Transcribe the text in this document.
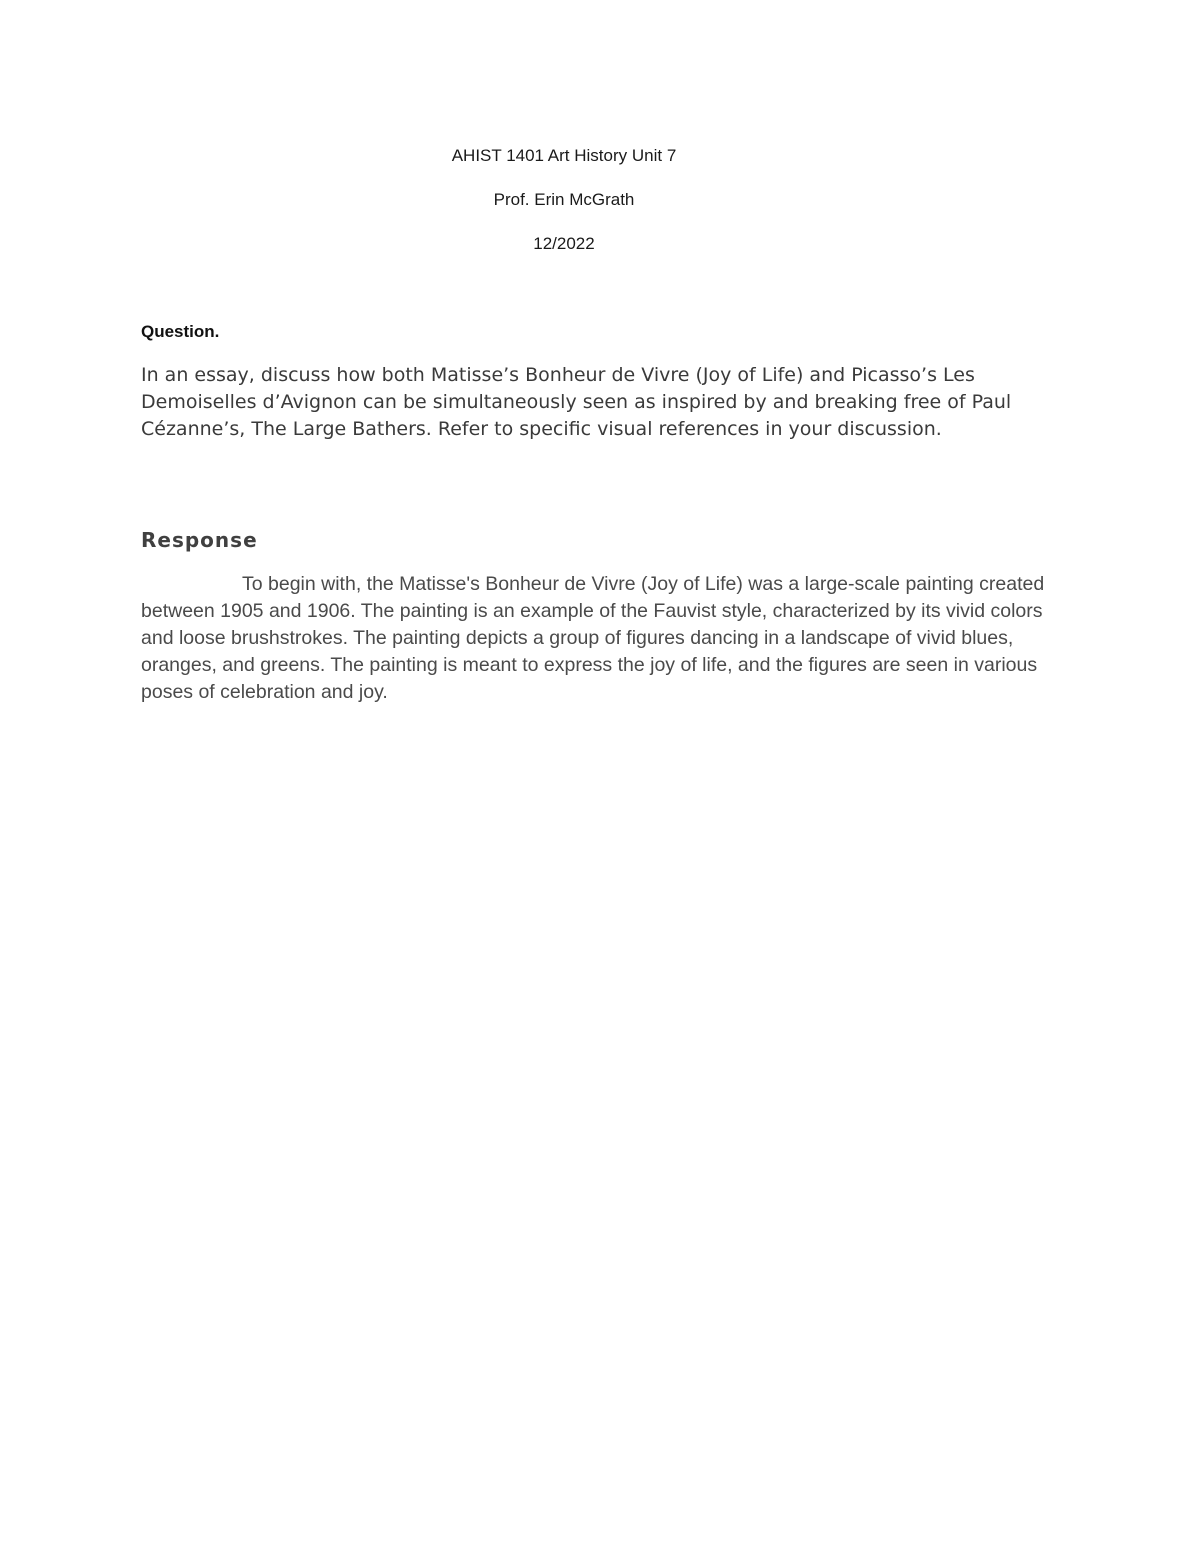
AHIST 1401 Art History Unit 7

Prof. Erin McGrath

12/2022

Question.

In an essay, discuss how both Matisse’s Bonheur de Vivre (Joy of Life) and Picasso’s Les Demoiselles d’Avignon can be simultaneously seen as inspired by and breaking free of Paul Cézanne’s, The Large Bathers. Refer to specific visual references in your discussion.

Response

To begin with, the Matisse's Bonheur de Vivre (Joy of Life) was a large-scale painting created between 1905 and 1906. The painting is an example of the Fauvist style, characterized by its vivid colors and loose brushstrokes. The painting depicts a group of figures dancing in a landscape of vivid blues, oranges, and greens. The painting is meant to express the joy of life, and the figures are seen in various poses of celebration and joy.
